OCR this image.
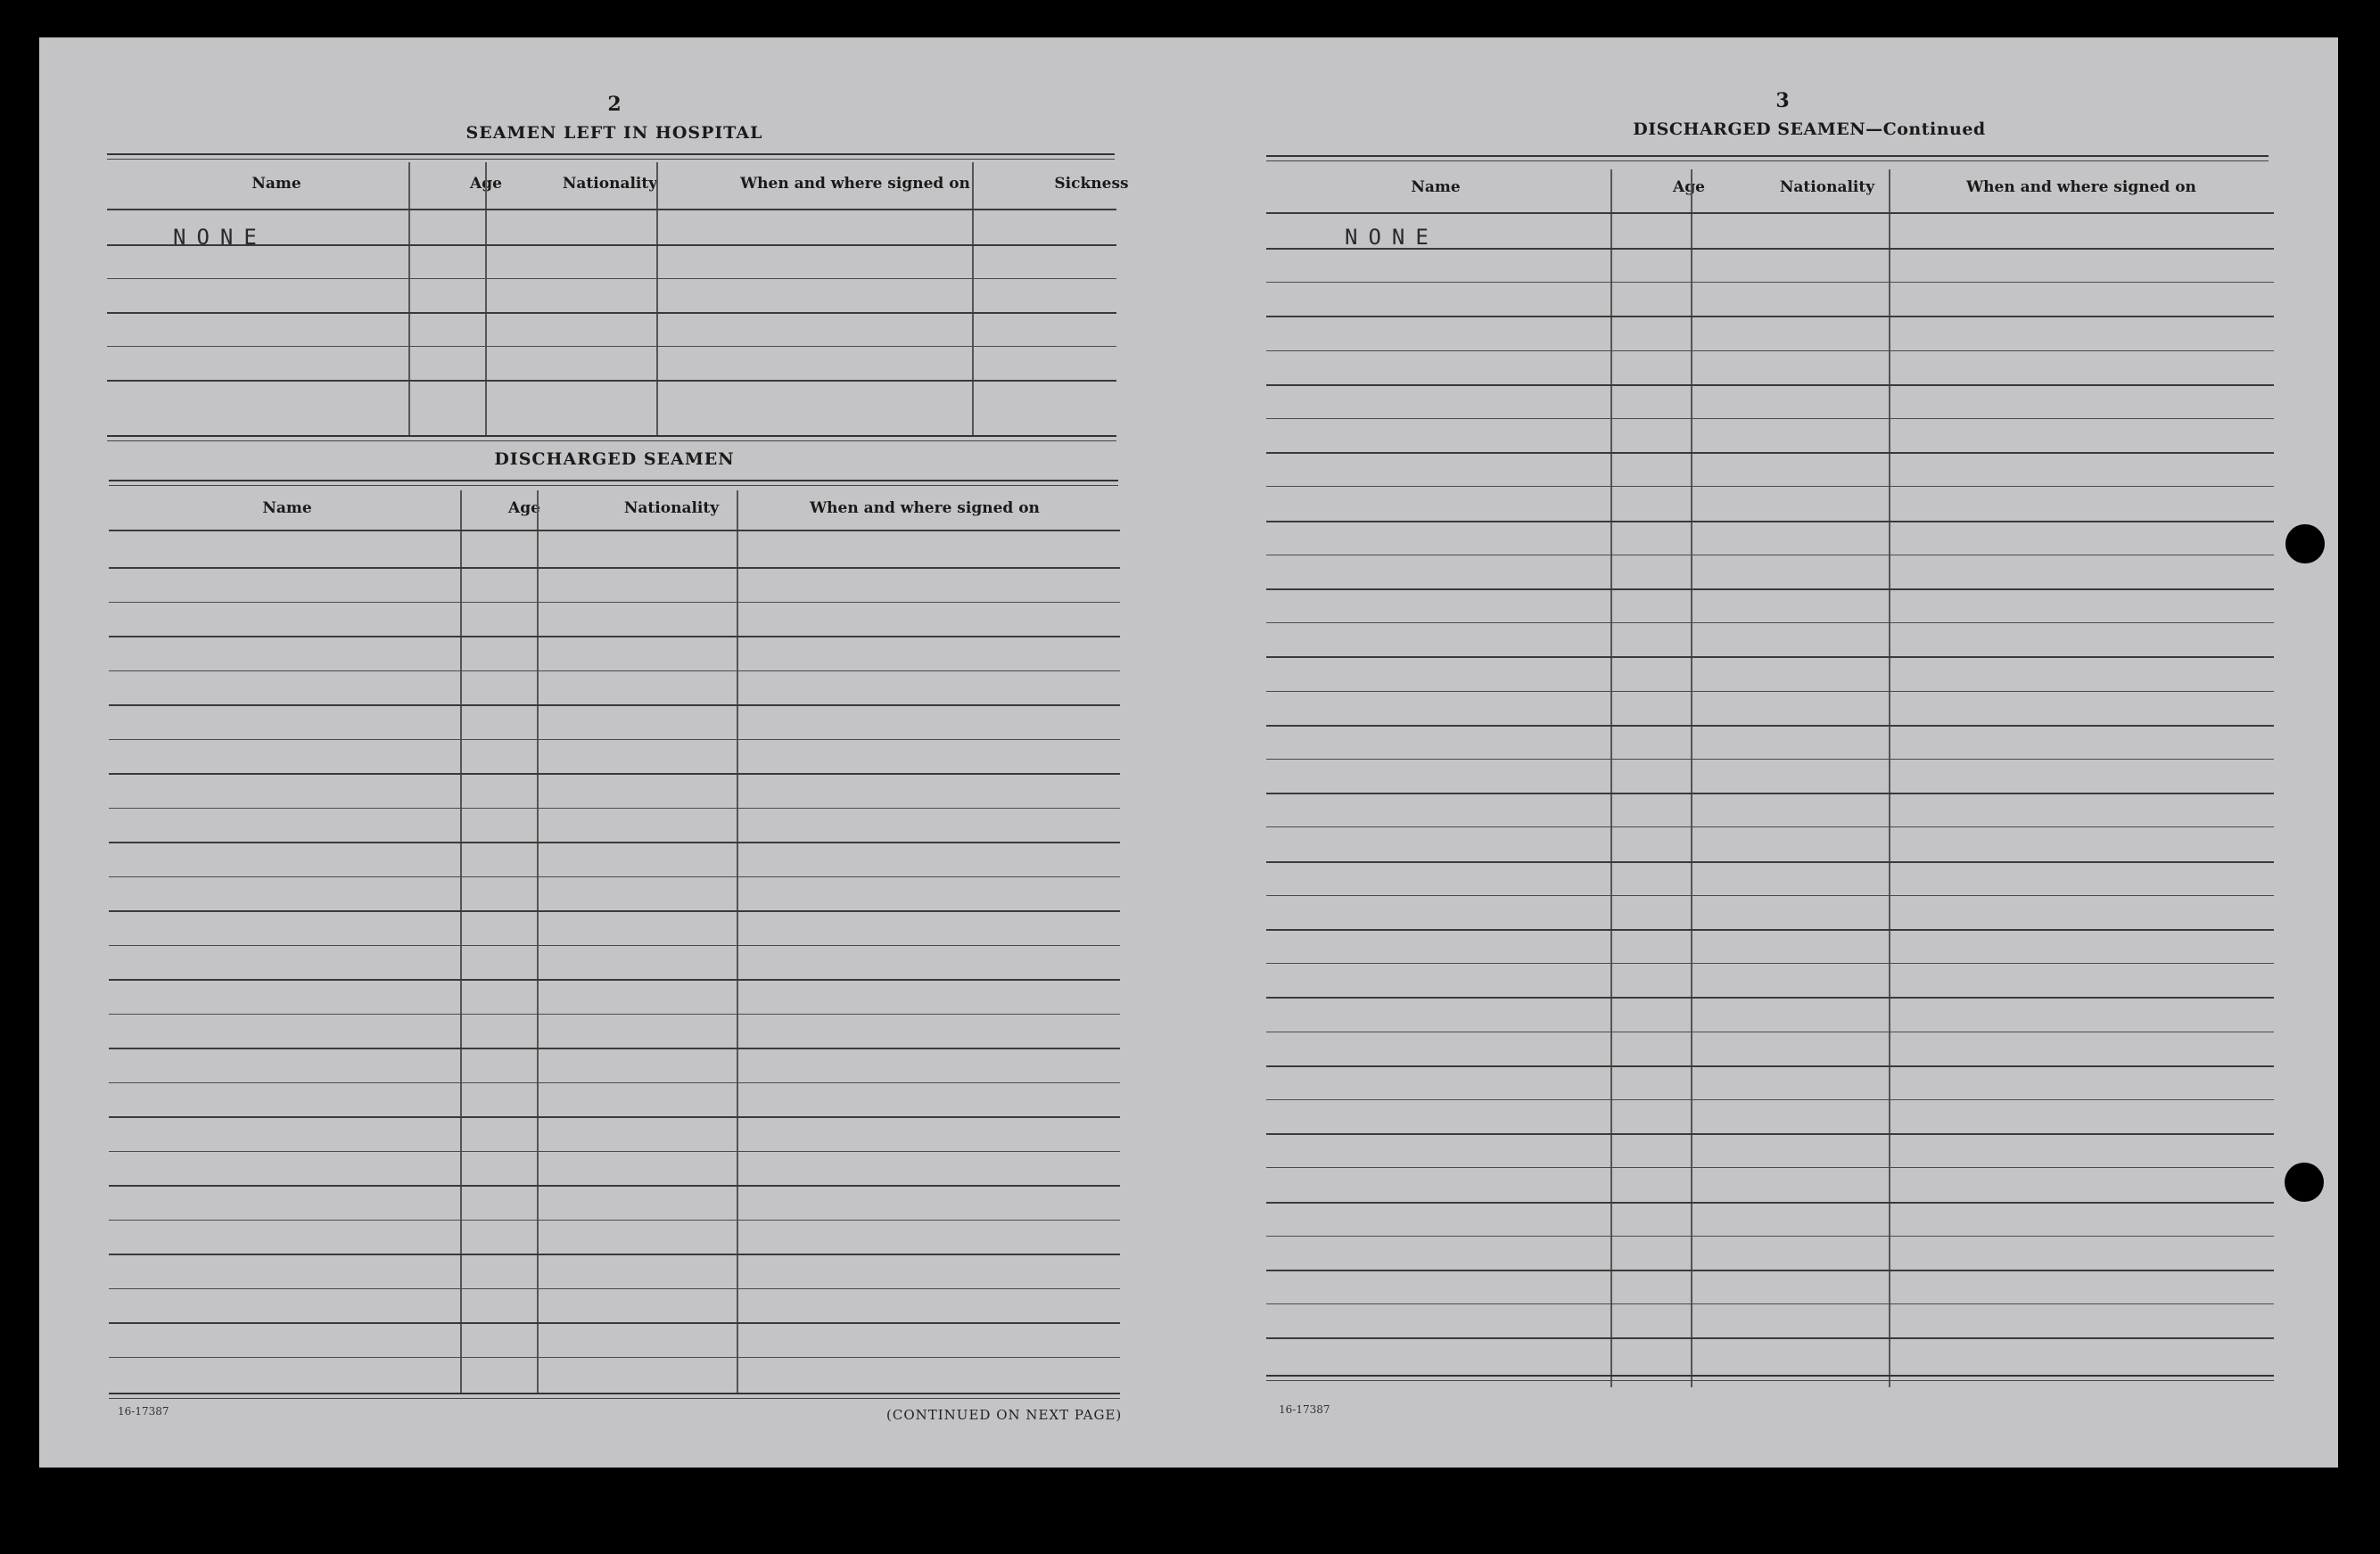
2
SEAMEN LEFT IN HOSPITAL
Name	Age	Nationality	When and where signed on	Sickness
NONE
DISCHARGED SEAMEN
Name	Age	Nationality	When and where signed on
16-17387	(CONTINUED ON NEXT PAGE)
3
DISCHARGED SEAMEN—Continued
Name	Age	Nationality	When and where signed on
NONE
16-17387
